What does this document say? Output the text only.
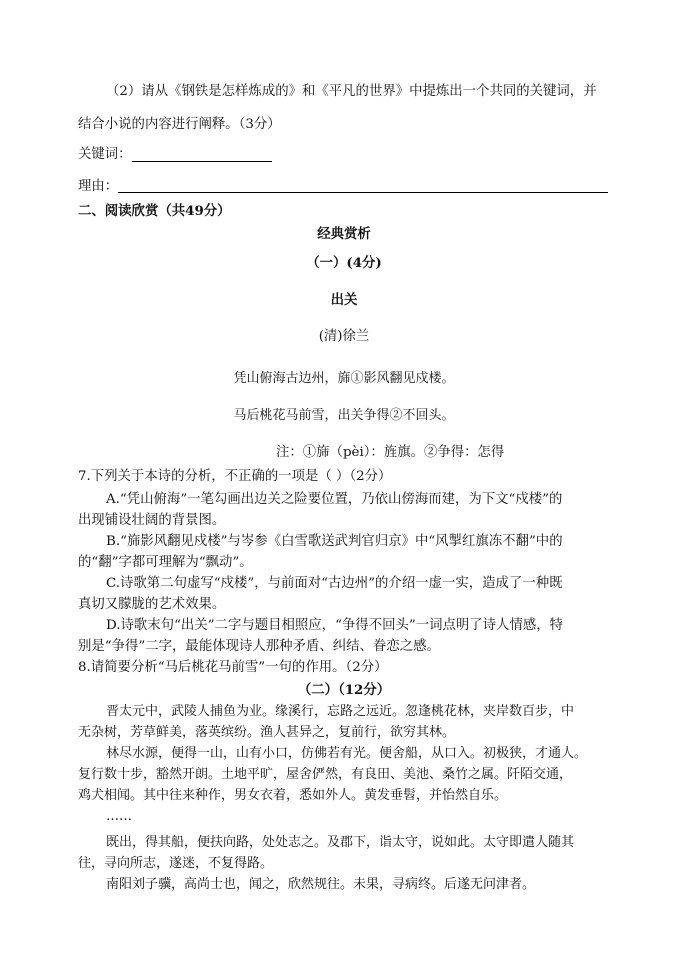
（2）请从《钢铁是怎样炼成的》和《平凡的世界》中提炼出一个共同的关键词，并
结合小说的内容进行阐释。（3分）
关键词：
理由：
二、阅读欣赏（共49分）
经典赏析
（一）(4分)
出关
(清)徐兰
凭山俯海古边州，旆①影风翻见戍楼。
马后桃花马前雪，出关争得②不回头。
注：①旆（pèi）：旌旗。②争得：怎得
7.下列关于本诗的分析，不正确的一项是（ ）（2分）
A.“凭山俯海”一笔勾画出边关之险要位置，乃依山傍海而建，为下文“戍楼”的
出现铺设壮阔的背景图。
B.“旆影风翻见戍楼”与岑参《白雪歌送武判官归京》中“风掣红旗冻不翻”中的
的“翻”字都可理解为“飘动”。
C.诗歌第二句虚写“戍楼”，与前面对“古边州”的介绍一虚一实，造成了一种既
真切又朦胧的艺术效果。
D.诗歌末句“出关”二字与题目相照应，“争得不回头”一词点明了诗人情感，特
别是“争得”二字，最能体现诗人那种矛盾、纠结、眷恋之感。
8.请简要分析“马后桃花马前雪”一句的作用。（2分）
（二）（12分）
晋太元中，武陵人捕鱼为业。缘溪行，忘路之远近。忽逢桃花林，夹岸数百步，中
无杂树，芳草鲜美，落英缤纷。渔人甚异之，复前行，欲穷其林。
林尽水源，便得一山，山有小口，仿佛若有光。便舍船，从口入。初极狭，才通人。
复行数十步，豁然开朗。土地平旷，屋舍俨然，有良田、美池、桑竹之属。阡陌交通，
鸡犬相闻。其中往来种作，男女衣着，悉如外人。黄发垂髫，并怡然自乐。
……
既出，得其船，便扶向路，处处志之。及郡下，诣太守，说如此。太守即遣人随其
往，寻向所志，遂迷，不复得路。
南阳刘子骥，高尚士也，闻之，欣然规往。未果，寻病终。后遂无问津者。
